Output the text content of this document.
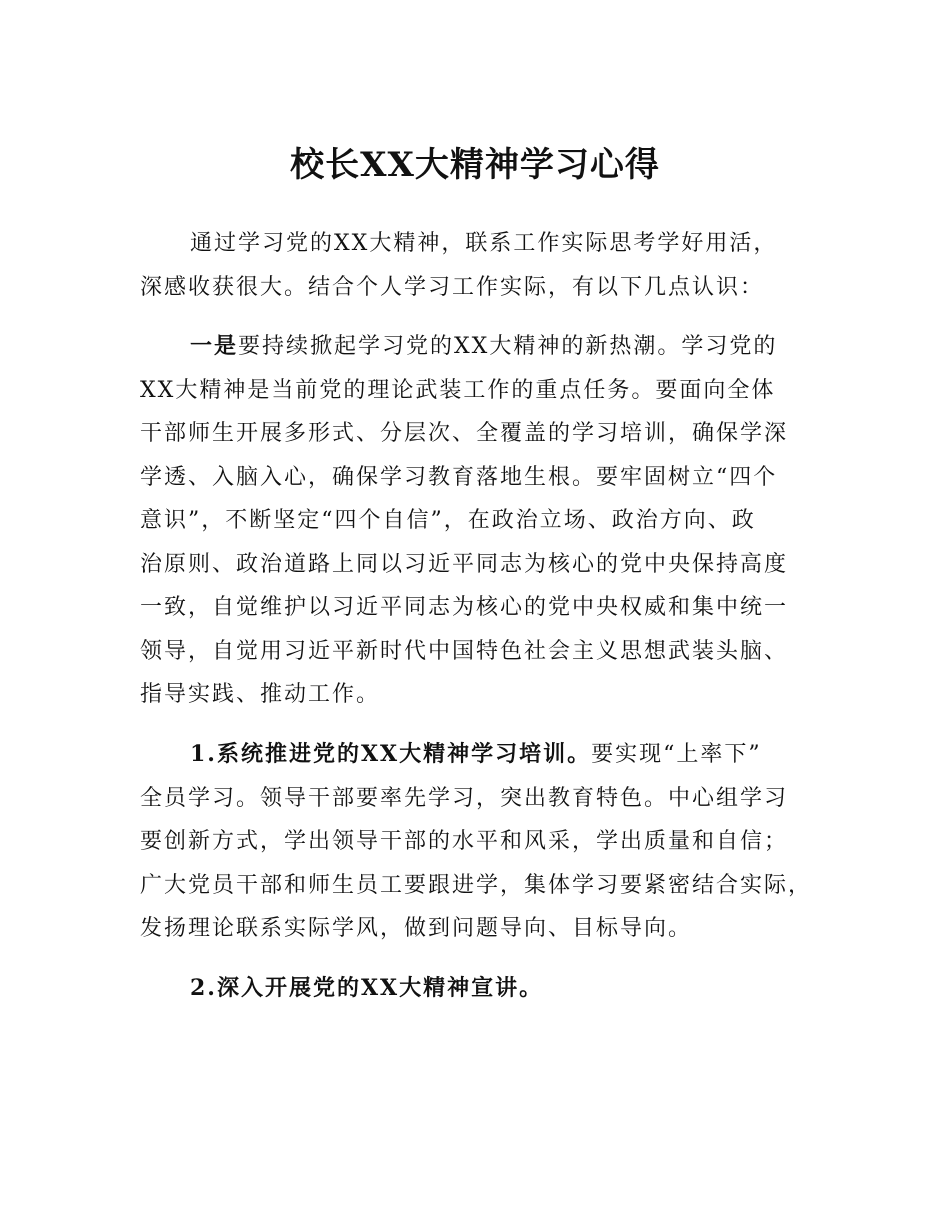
校长XX大精神学习心得
通过学习党的XX大精神，联系工作实际思考学好用活，
深感收获很大。结合个人学习工作实际，有以下几点认识：
一是要持续掀起学习党的XX大精神的新热潮。学习党的
XX大精神是当前党的理论武装工作的重点任务。要面向全体
干部师生开展多形式、分层次、全覆盖的学习培训，确保学深
学透、入脑入心，确保学习教育落地生根。要牢固树立“四个
意识”，不断坚定“四个自信”，在政治立场、政治方向、政
治原则、政治道路上同以习近平同志为核心的党中央保持高度
一致，自觉维护以习近平同志为核心的党中央权威和集中统一
领导，自觉用习近平新时代中国特色社会主义思想武装头脑、
指导实践、推动工作。
1.系统推进党的XX大精神学习培训。要实现“上率下”
全员学习。领导干部要率先学习，突出教育特色。中心组学习
要创新方式，学出领导干部的水平和风采，学出质量和自信；
广大党员干部和师生员工要跟进学，集体学习要紧密结合实际，
发扬理论联系实际学风，做到问题导向、目标导向。
2.深入开展党的XX大精神宣讲。
